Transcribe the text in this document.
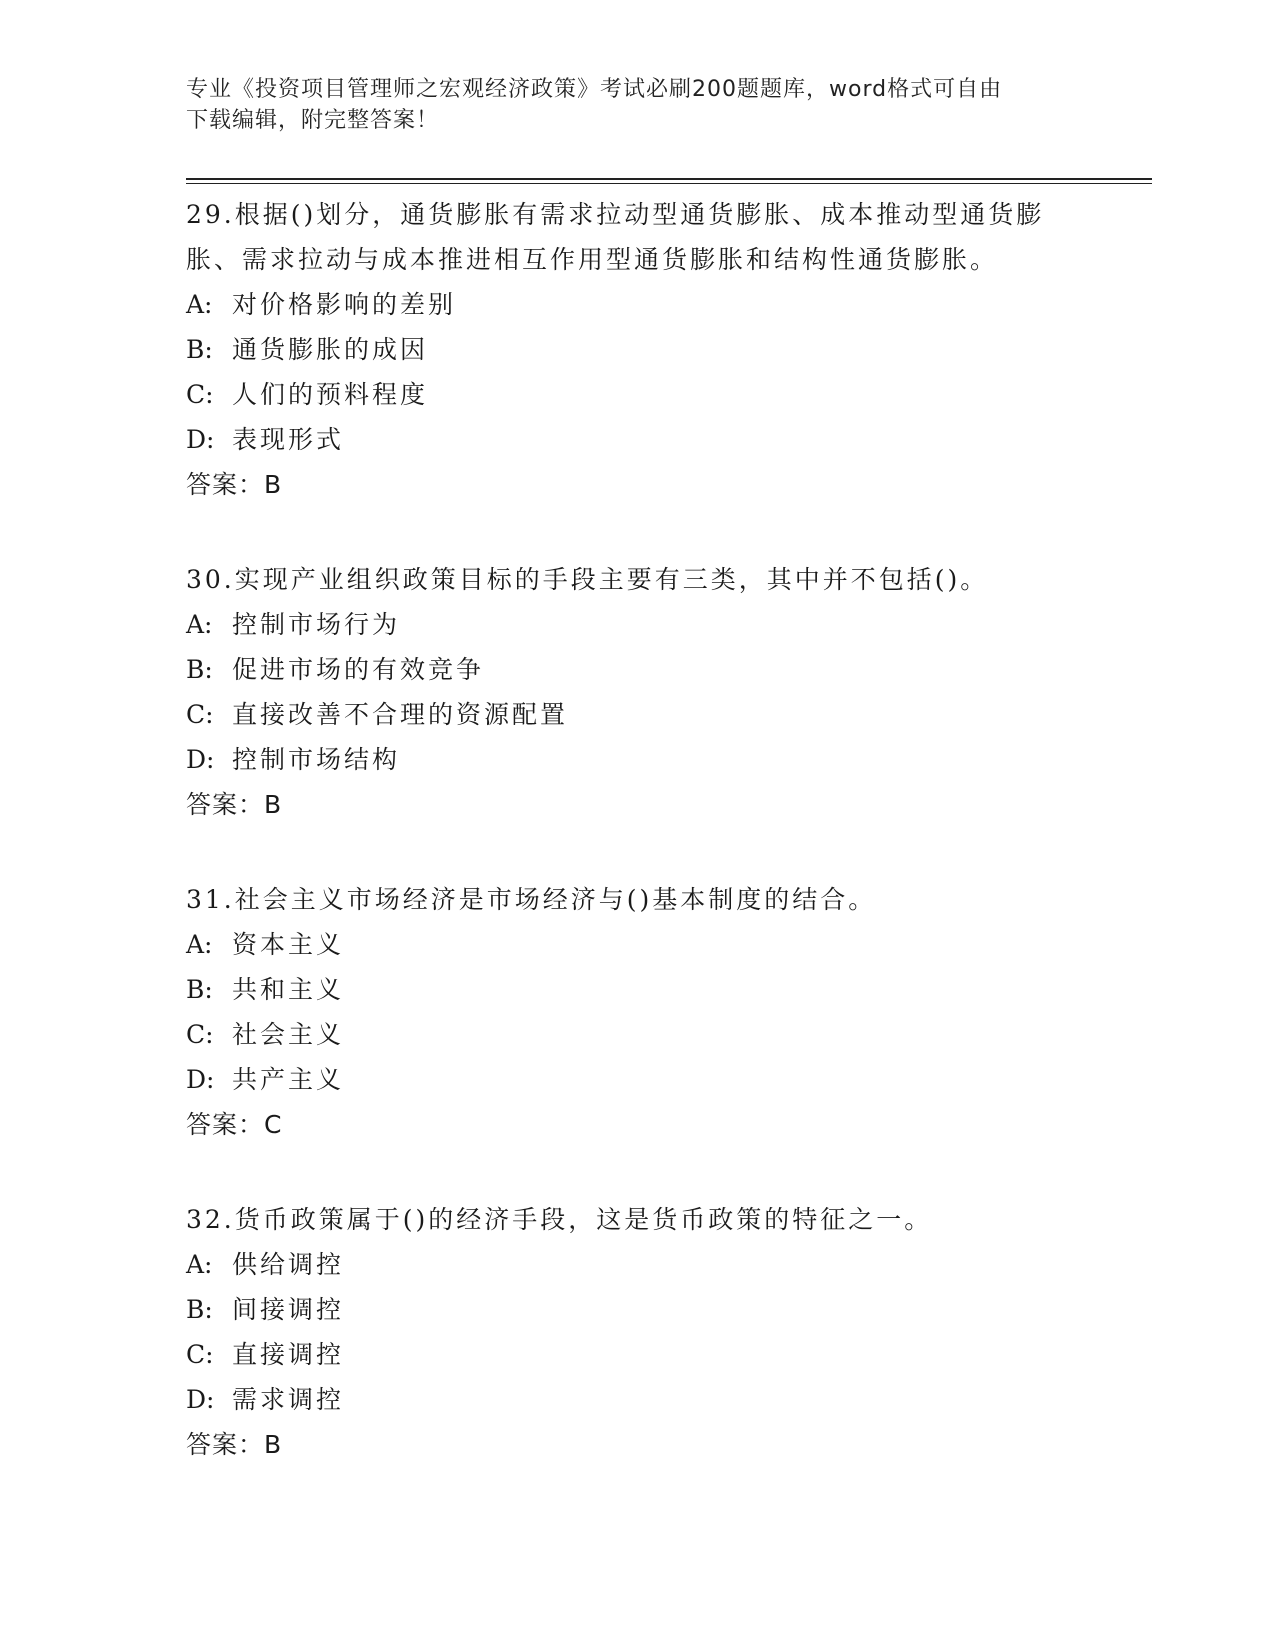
专业《投资项目管理师之宏观经济政策》考试必刷200题题库，word格式可自由
下载编辑，附完整答案！

29.根据()划分，通货膨胀有需求拉动型通货膨胀、成本推动型通货膨胀、需求拉动与成本推进相互作用型通货膨胀和结构性通货膨胀。

A: 对价格影响的差别
B: 通货膨胀的成因
C: 人们的预料程度
D: 表现形式
答案：B

30.实现产业组织政策目标的手段主要有三类，其中并不包括()。

A: 控制市场行为
B: 促进市场的有效竞争
C: 直接改善不合理的资源配置
D: 控制市场结构
答案：B

31.社会主义市场经济是市场经济与()基本制度的结合。

A: 资本主义
B: 共和主义
C: 社会主义
D: 共产主义
答案：C

32.货币政策属于()的经济手段，这是货币政策的特征之一。

A: 供给调控
B: 间接调控
C: 直接调控
D: 需求调控
答案：B
